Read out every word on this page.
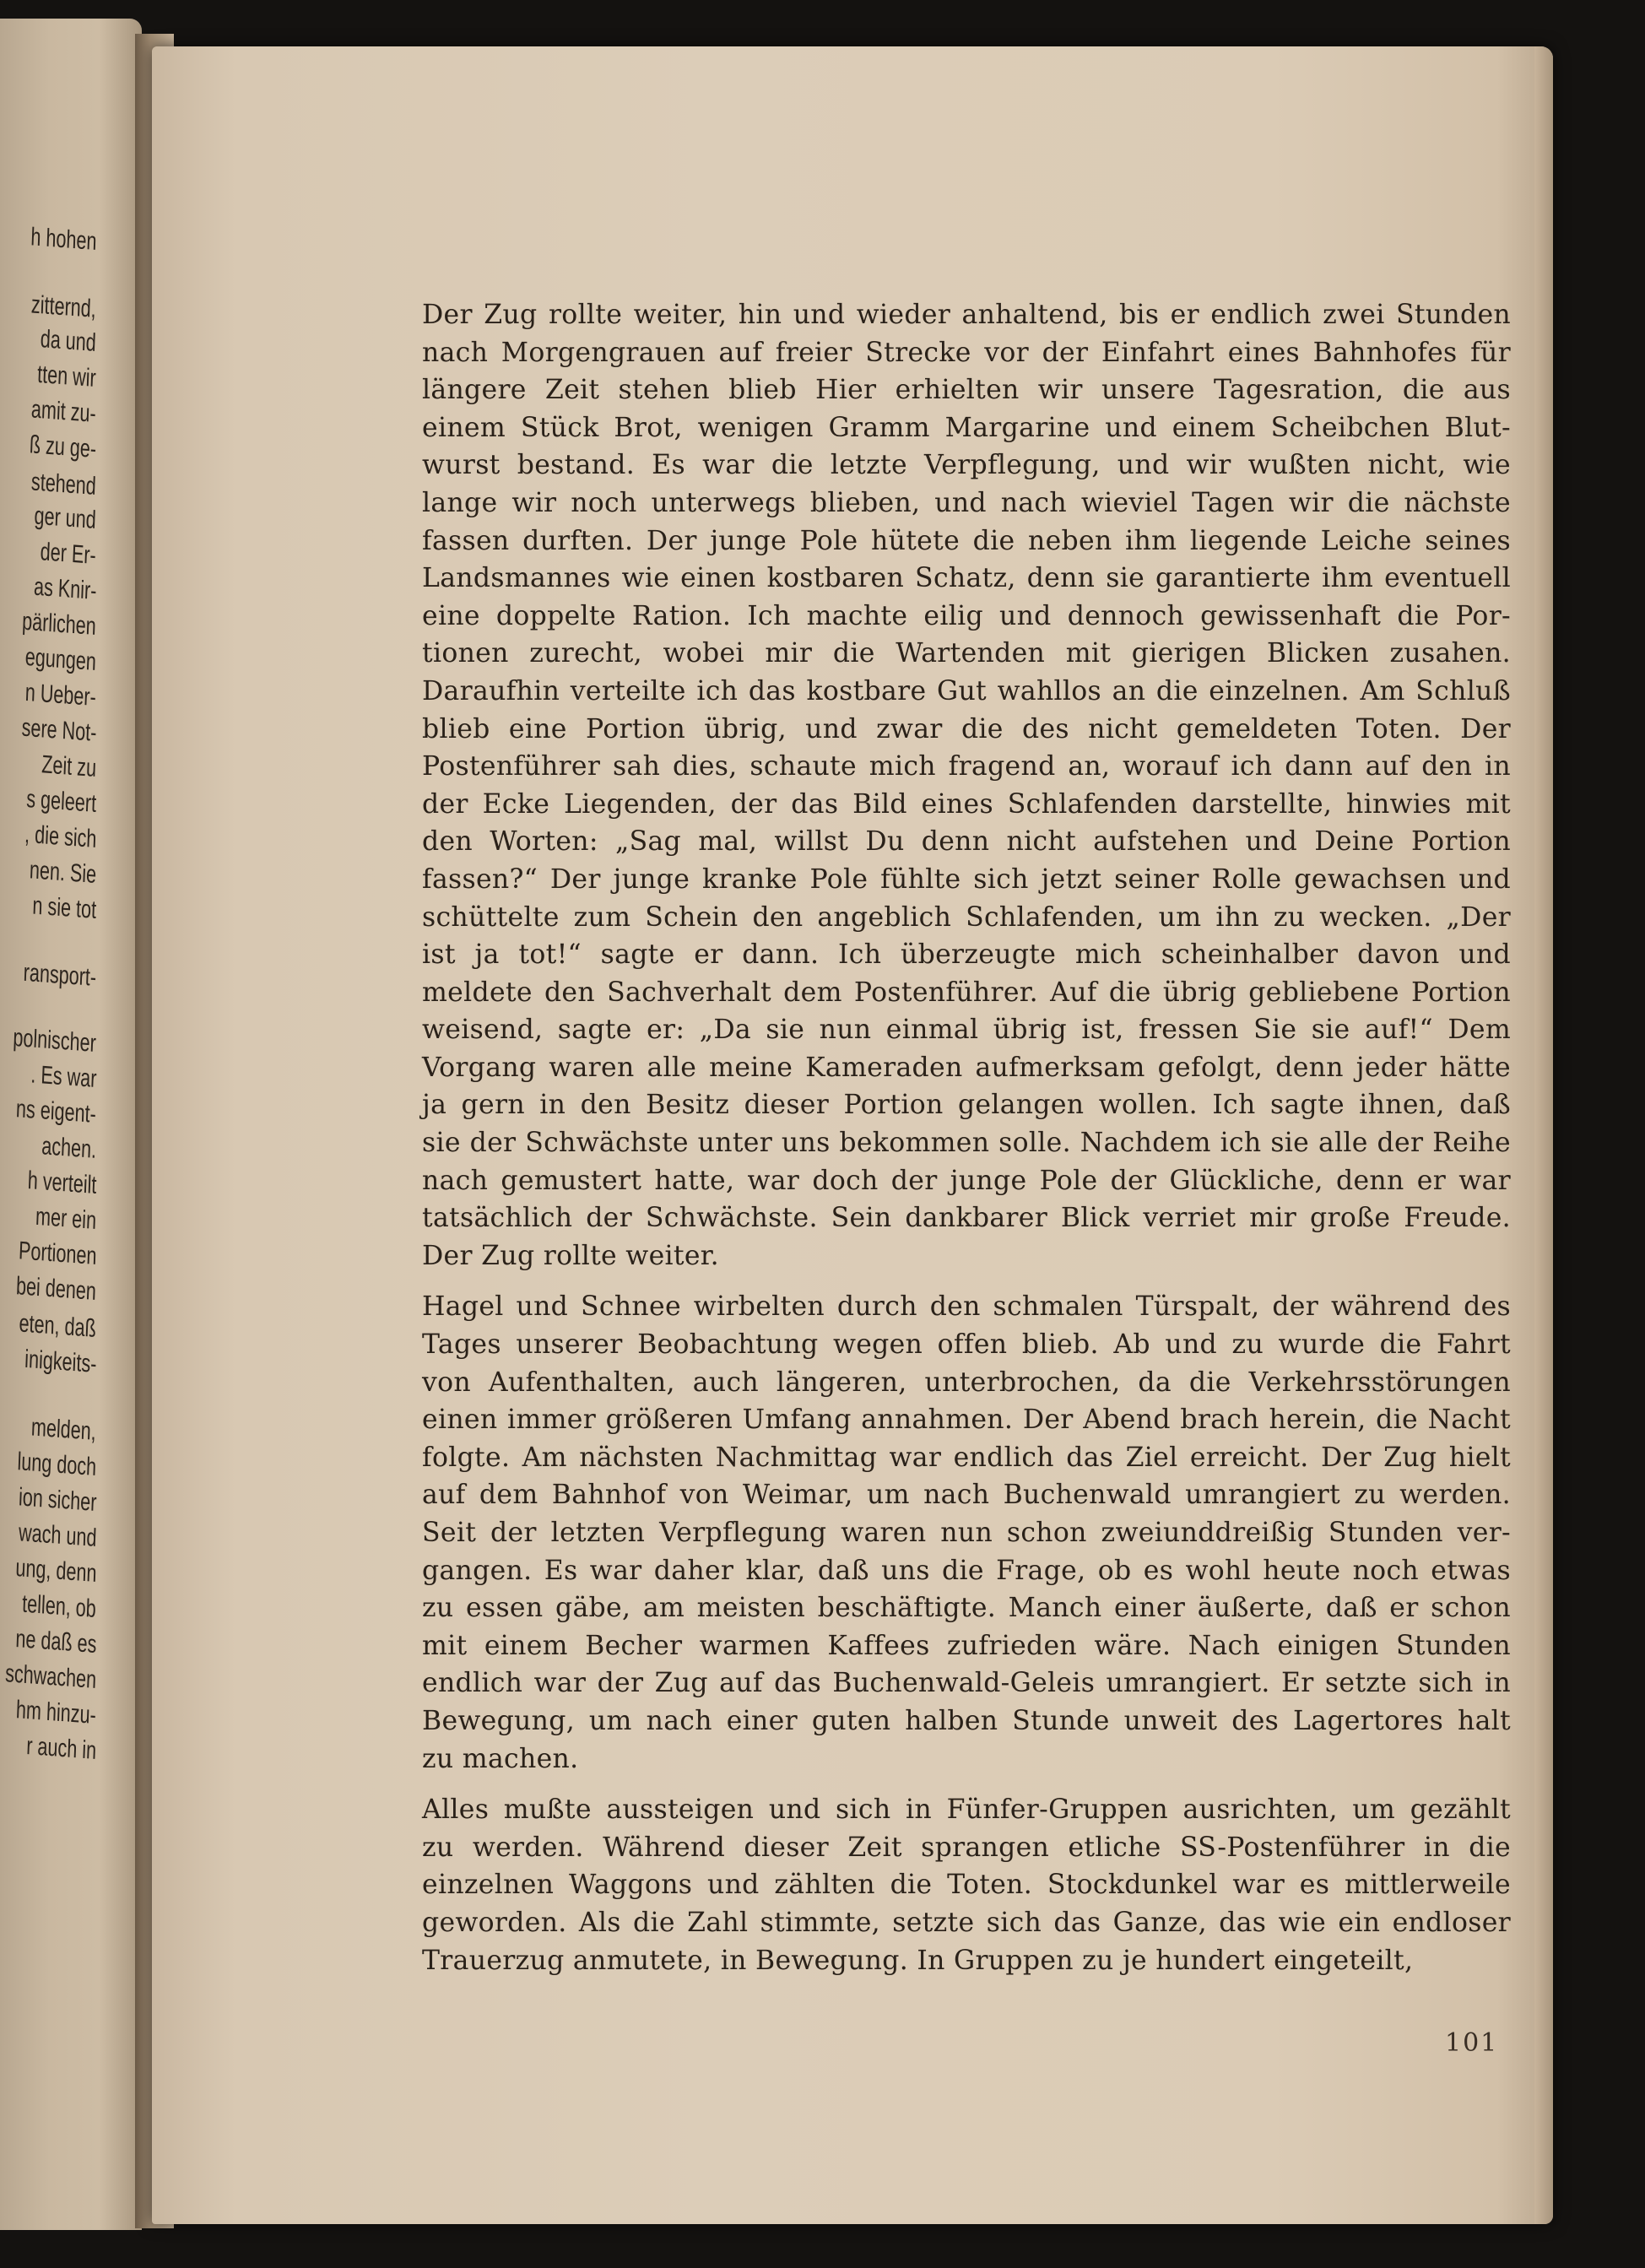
h hohen
zitternd,
da und
tten wir
amit zu-
ß zu ge-
stehend
ger und
der Er-
as Knir-
pärlichen
egungen
n Ueber-
sere Not-
Zeit zu
s geleert
, die sich
nen. Sie
n sie tot
ransport-
polnischer
. Es war
ns eigent-
achen.
h verteilt
mer ein
Portionen
bei denen
eten, daß
inigkeits-
melden,
lung doch
ion sicher
wach und
ung, denn
tellen, ob
ne daß es
schwachen
hm hinzu-
r auch in
Der Zug rollte weiter, hin und wieder anhaltend, bis er endlich zwei Stunden
nach Morgengrauen auf freier Strecke vor der Einfahrt eines Bahnhofes für
längere Zeit stehen blieb Hier erhielten wir unsere Tagesration, die aus
einem Stück Brot, wenigen Gramm Margarine und einem Scheibchen Blut-
wurst bestand. Es war die letzte Verpflegung, und wir wußten nicht, wie
lange wir noch unterwegs blieben, und nach wieviel Tagen wir die nächste
fassen durften. Der junge Pole hütete die neben ihm liegende Leiche seines
Landsmannes wie einen kostbaren Schatz, denn sie garantierte ihm eventuell
eine doppelte Ration. Ich machte eilig und dennoch gewissenhaft die Por-
tionen zurecht, wobei mir die Wartenden mit gierigen Blicken zusahen.
Daraufhin verteilte ich das kostbare Gut wahllos an die einzelnen. Am Schluß
blieb eine Portion übrig, und zwar die des nicht gemeldeten Toten. Der
Postenführer sah dies, schaute mich fragend an, worauf ich dann auf den in
der Ecke Liegenden, der das Bild eines Schlafenden darstellte, hinwies mit
den Worten: „Sag mal, willst Du denn nicht aufstehen und Deine Portion
fassen?“ Der junge kranke Pole fühlte sich jetzt seiner Rolle gewachsen und
schüttelte zum Schein den angeblich Schlafenden, um ihn zu wecken. „Der
ist ja tot!“ sagte er dann. Ich überzeugte mich scheinhalber davon und
meldete den Sachverhalt dem Postenführer. Auf die übrig gebliebene Portion
weisend, sagte er: „Da sie nun einmal übrig ist, fressen Sie sie auf!“ Dem
Vorgang waren alle meine Kameraden aufmerksam gefolgt, denn jeder hätte
ja gern in den Besitz dieser Portion gelangen wollen. Ich sagte ihnen, daß
sie der Schwächste unter uns bekommen solle. Nachdem ich sie alle der Reihe
nach gemustert hatte, war doch der junge Pole der Glückliche, denn er war
tatsächlich der Schwächste. Sein dankbarer Blick verriet mir große Freude.
Der Zug rollte weiter.
Hagel und Schnee wirbelten durch den schmalen Türspalt, der während des
Tages unserer Beobachtung wegen offen blieb. Ab und zu wurde die Fahrt
von Aufenthalten, auch längeren, unterbrochen, da die Verkehrsstörungen
einen immer größeren Umfang annahmen. Der Abend brach herein, die Nacht
folgte. Am nächsten Nachmittag war endlich das Ziel erreicht. Der Zug hielt
auf dem Bahnhof von Weimar, um nach Buchenwald umrangiert zu werden.
Seit der letzten Verpflegung waren nun schon zweiunddreißig Stunden ver-
gangen. Es war daher klar, daß uns die Frage, ob es wohl heute noch etwas
zu essen gäbe, am meisten beschäftigte. Manch einer äußerte, daß er schon
mit einem Becher warmen Kaffees zufrieden wäre. Nach einigen Stunden
endlich war der Zug auf das Buchenwald-Geleis umrangiert. Er setzte sich in
Bewegung, um nach einer guten halben Stunde unweit des Lagertores halt
zu machen.
Alles mußte aussteigen und sich in Fünfer-Gruppen ausrichten, um gezählt
zu werden. Während dieser Zeit sprangen etliche SS-Postenführer in die
einzelnen Waggons und zählten die Toten. Stockdunkel war es mittlerweile
geworden. Als die Zahl stimmte, setzte sich das Ganze, das wie ein endloser
Trauerzug anmutete, in Bewegung. In Gruppen zu je hundert eingeteilt,
101
